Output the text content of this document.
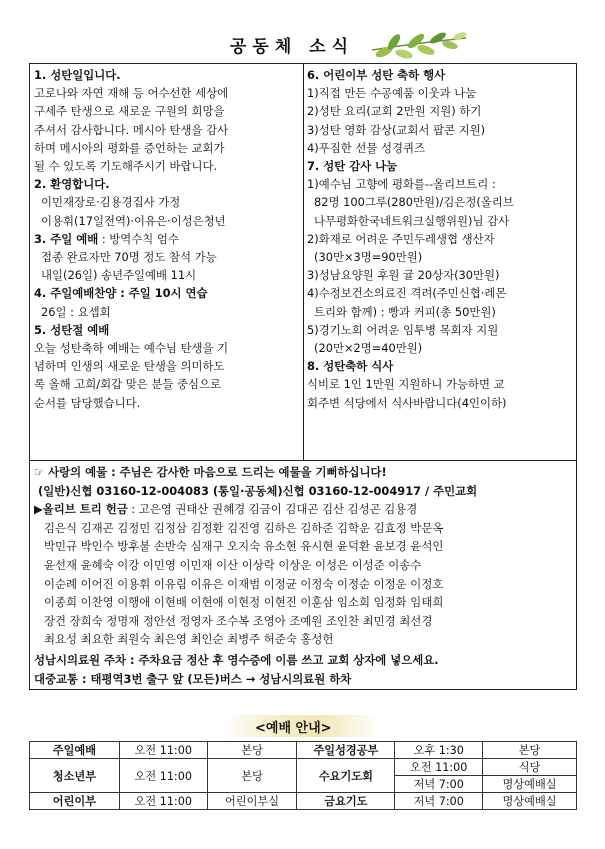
공동체 소식
1. 성탄일입니다.
고로나와 자연 재해 등 어수선한 세상에
구세주 탄생으로 새로운 구원의 희망을
주셔서 감사합니다. 메시아 탄생을 감사
하며 메시아의 평화를 증언하는 교회가
될 수 있도록 기도해주시기 바랍니다.
2. 환영합니다.
이민재장로·김용경집사 가정
이용휘(17일전역)·이유은·이성은청년
3. 주일 예배 : 방역수칙 엄수
접종 완료자만 70명 정도 참석 가능
내일(26일) 송년주일예배 11시
4. 주일예배찬양 : 주일 10시 연습
26일 : 요셉회
5. 성탄절 예배
오늘 성탄축하 예배는 예수님 탄생을 기
념하며 인생의 새로운 탄생을 의미하도
록 올해 고희/회갑 맞은 분들 중심으로
순서를 담당했습니다.
6. 어린이부 성탄 축하 행사
1)직접 만든 수공예품 이웃과 나눔
2)성탄 요리(교회 2만원 지원) 하기
3)성탄 영화 감상(교회서 팝콘 지원)
4)푸짐한 선물 성경퀴즈
7. 성탄 감사 나눔
1)예수님 고향에 평화를--올리브트리 :
82명 100그루(280만원)/김은정(올리브
나무평화한국네트워크실행위원)님 감사
2)화재로 어려운 주민두레생협 생산자
(30만×3명=90만원)
3)성남요양원 후원 귤 20상자(30만원)
4)수정보건소의료진 격려(주민신협·레몬
트리와 함께) : 빵과 커피(총 50만원)
5)경기노회 어려운 임투병 목회자 지원
(20만×2명=40만원)
8. 성탄축하 식사
식비로 1인 1만원 지원하니 가능하면 교
회주변 식당에서 식사바랍니다(4인이하)
☞ 사랑의 예물 : 주님은 감사한 마음으로 드리는 예물을 기뻐하십니다!
(일반)신협 03160-12-004083 (통일·공동체)신협 03160-12-004917 / 주민교회
▶올리브 트리 헌금 : 고은영 권태산 권혜경 김금이 김대곤 김산 김성곤 김용경
김은식 김재곤 김정민 김정삼 김정환 김진영 김하은 김하준 김학운 김효정 박문옥
박민규 박인수 방후불 손반숙 심재구 오지숙 유소현 유시현 윤덕환 윤보경 윤석인
윤선재 윤혜숙 이강 이민영 이민재 이산 이상락 이상운 이성은 이성준 이송수
이순례 이어진 이용휘 이유림 이유은 이재범 이정균 이정숙 이정순 이정운 이정호
이종희 이찬영 이행애 이현배 이현애 이현정 이현진 이훈삼 임소희 임정화 임태희
장건 장희숙 정명재 정안선 정영자 조수복 조영아 조예원 조인찬 최민경 최선경
최요성 최요한 최원숙 최은영 최인순 최병주 허준숙 홍성헌
성남시의료원 주차 : 주차요금 정산 후 영수증에 이름 쓰고 교회 상자에 넣으세요.
대중교통 : 태평역3번 출구 앞 (모든)버스 → 성남시의료원 하차
<예배 안내>
주일예배	오전 11:00	본당	주일성경공부	오후 1:30	본당
청소년부	오전 11:00	본당	수요기도회	오전 11:00	식당
				저녁 7:00	명상예배실
어린이부	오전 11:00	어린이부실	금요기도	저녁 7:00	명상예배실
